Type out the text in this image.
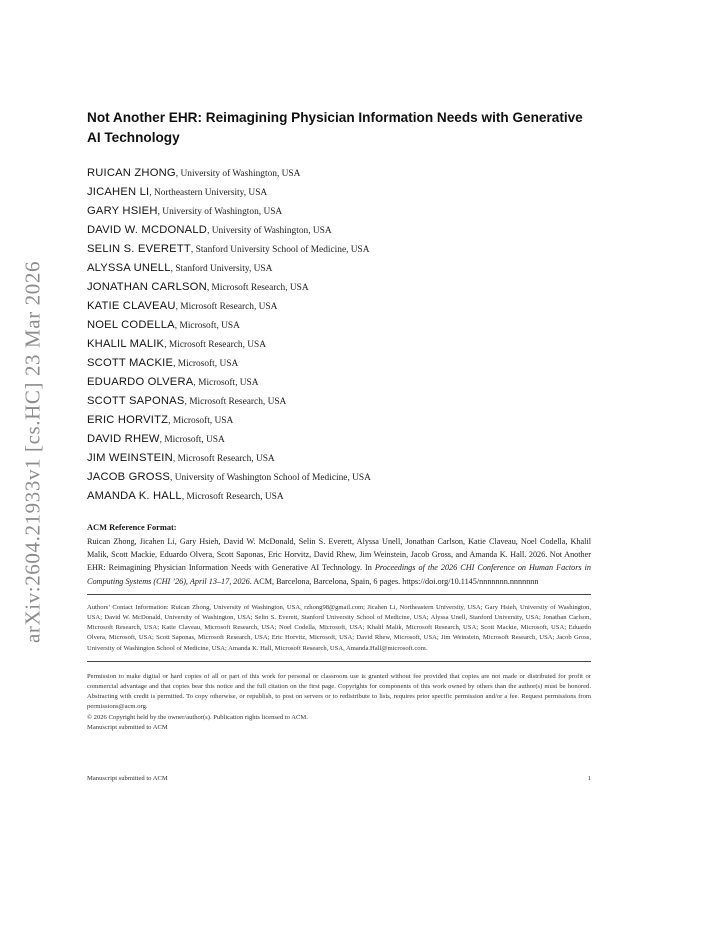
arXiv:2604.21933v1 [cs.HC] 23 Mar 2026
Not Another EHR: Reimagining Physician Information Needs with Generative AI Technology
RUICAN ZHONG, University of Washington, USA
JICAHEN LI, Northeastern University, USA
GARY HSIEH, University of Washington, USA
DAVID W. MCDONALD, University of Washington, USA
SELIN S. EVERETT, Stanford University School of Medicine, USA
ALYSSA UNELL, Stanford University, USA
JONATHAN CARLSON, Microsoft Research, USA
KATIE CLAVEAU, Microsoft Research, USA
NOEL CODELLA, Microsoft, USA
KHALIL MALIK, Microsoft Research, USA
SCOTT MACKIE, Microsoft, USA
EDUARDO OLVERA, Microsoft, USA
SCOTT SAPONAS, Microsoft Research, USA
ERIC HORVITZ, Microsoft, USA
DAVID RHEW, Microsoft, USA
JIM WEINSTEIN, Microsoft Research, USA
JACOB GROSS, University of Washington School of Medicine, USA
AMANDA K. HALL, Microsoft Research, USA
ACM Reference Format:
Ruican Zhong, Jicahen Li, Gary Hsieh, David W. McDonald, Selin S. Everett, Alyssa Unell, Jonathan Carlson, Katie Claveau, Noel Codella, Khalil Malik, Scott Mackie, Eduardo Olvera, Scott Saponas, Eric Horvitz, David Rhew, Jim Weinstein, Jacob Gross, and Amanda K. Hall. 2026. Not Another EHR: Reimagining Physician Information Needs with Generative AI Technology. In Proceedings of the 2026 CHI Conference on Human Factors in Computing Systems (CHI ’26), April 13–17, 2026. ACM, Barcelona, Barcelona, Spain, 6 pages. https://doi.org/10.1145/nnnnnnn.nnnnnnn
Authors’ Contact Information: Ruican Zhong, University of Washington, USA, rzhong98@gmail.com; Jicahen Li, Northeastern University, USA; Gary Hsieh, University of Washington, USA; David W. McDonald, University of Washington, USA; Selin S. Everett, Stanford University School of Medicine, USA; Alyssa Unell, Stanford University, USA; Jonathan Carlson, Microsoft Research, USA; Katie Claveau, Microsoft Research, USA; Noel Codella, Microsoft, USA; Khalil Malik, Microsoft Research, USA; Scott Mackie, Microsoft, USA; Eduardo Olvera, Microsoft, USA; Scott Saponas, Microsoft Research, USA; Eric Horvitz, Microsoft, USA; David Rhew, Microsoft, USA; Jim Weinstein, Microsoft Research, USA; Jacob Gross, University of Washington School of Medicine, USA; Amanda K. Hall, Microsoft Research, USA, Amanda.Hall@microsoft.com.
Permission to make digital or hard copies of all or part of this work for personal or classroom use is granted without fee provided that copies are not made or distributed for profit or commercial advantage and that copies bear this notice and the full citation on the first page. Copyrights for components of this work owned by others than the author(s) must be honored. Abstracting with credit is permitted. To copy otherwise, or republish, to post on servers or to redistribute to lists, requires prior specific permission and/or a fee. Request permissions from permissions@acm.org.
© 2026 Copyright held by the owner/author(s). Publication rights licensed to ACM.
Manuscript submitted to ACM
Manuscript submitted to ACM	1
